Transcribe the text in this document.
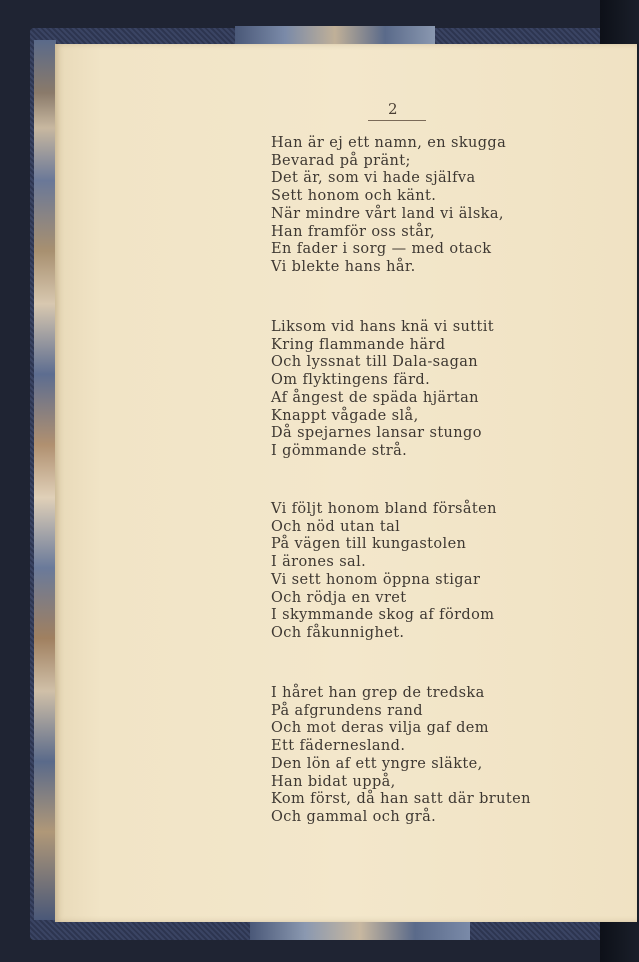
2
Han är ej ett namn, en skugga
Bevarad på pränt;
Det är, som vi hade själfva
Sett honom och känt.
När mindre vårt land vi älska,
Han framför oss står,
En fader i sorg — med otack
Vi blekte hans hår.
Liksom vid hans knä vi suttit
Kring flammande härd
Och lyssnat till Dala-sagan
Om flyktingens färd.
Af ångest de späda hjärtan
Knappt vågade slå,
Då spejarnes lansar stungo
I gömmande strå.
Vi följt honom bland försåten
Och nöd utan tal
På vägen till kungastolen
I ärones sal.
Vi sett honom öppna stigar
Och rödja en vret
I skymmande skog af fördom
Och fåkunnighet.
I håret han grep de tredska
På afgrundens rand
Och mot deras vilja gaf dem
Ett fädernesland.
Den lön af ett yngre släkte,
Han bidat uppå,
Kom först, då han satt där bruten
Och gammal och grå.
